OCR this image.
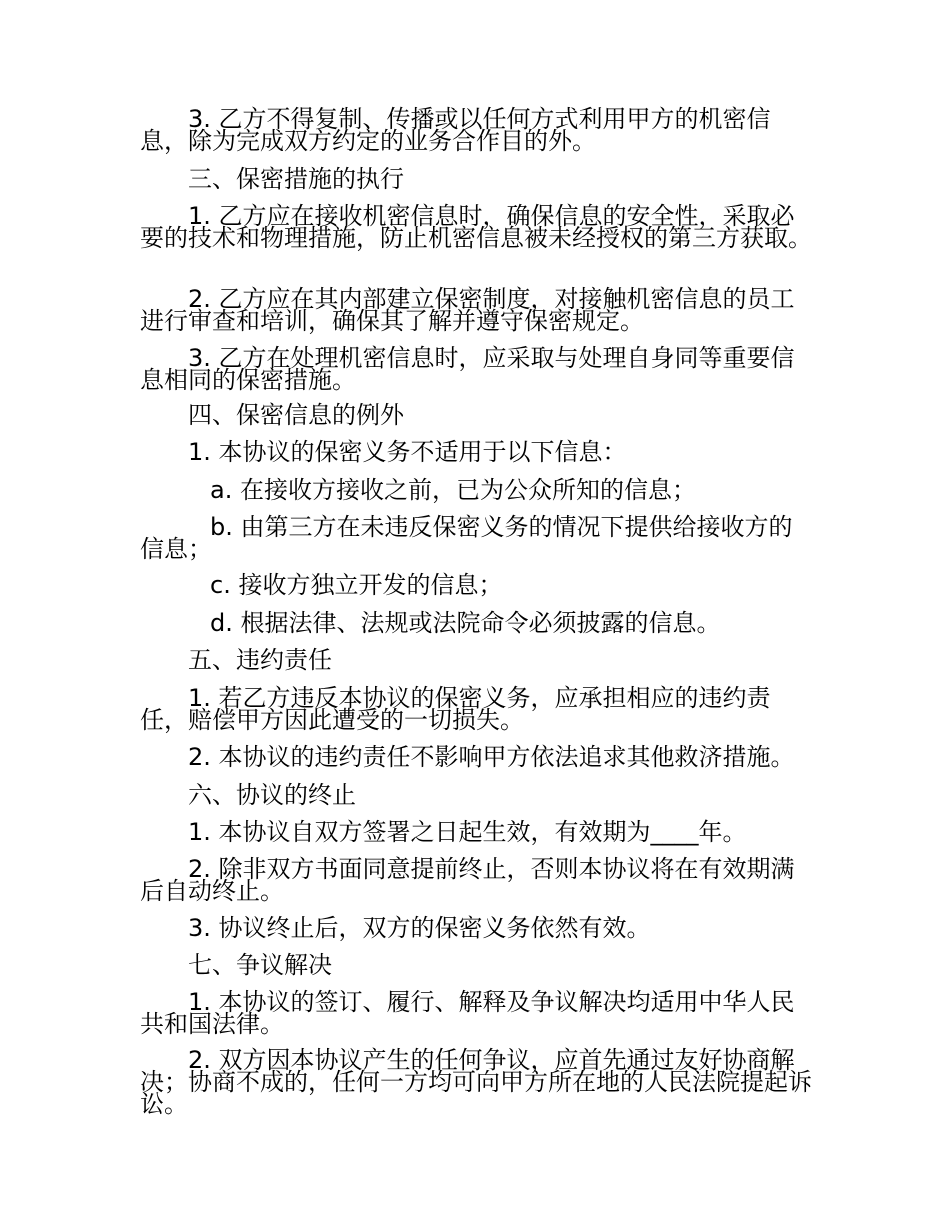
3. 乙方不得复制、传播或以任何方式利用甲方的机密信息，除为完成双方约定的业务合作目的外。

三、保密措施的执行

1. 乙方应在接收机密信息时，确保信息的安全性，采取必要的技术和物理措施，防止机密信息被未经授权的第三方获取。

2. 乙方应在其内部建立保密制度，对接触机密信息的员工进行审查和培训，确保其了解并遵守保密规定。

3. 乙方在处理机密信息时，应采取与处理自身同等重要信息相同的保密措施。

四、保密信息的例外

1. 本协议的保密义务不适用于以下信息：

a. 在接收方接收之前，已为公众所知的信息；

b. 由第三方在未违反保密义务的情况下提供给接收方的信息；

c. 接收方独立开发的信息；

d. 根据法律、法规或法院命令必须披露的信息。

五、违约责任

1. 若乙方违反本协议的保密义务，应承担相应的违约责任，赔偿甲方因此遭受的一切损失。

2. 本协议的违约责任不影响甲方依法追求其他救济措施。

六、协议的终止

1. 本协议自双方签署之日起生效，有效期为____年。

2. 除非双方书面同意提前终止，否则本协议将在有效期满后自动终止。

3. 协议终止后，双方的保密义务依然有效。

七、争议解决

1. 本协议的签订、履行、解释及争议解决均适用中华人民共和国法律。

2. 双方因本协议产生的任何争议，应首先通过友好协商解决；协商不成的，任何一方均可向甲方所在地的人民法院提起诉讼。
